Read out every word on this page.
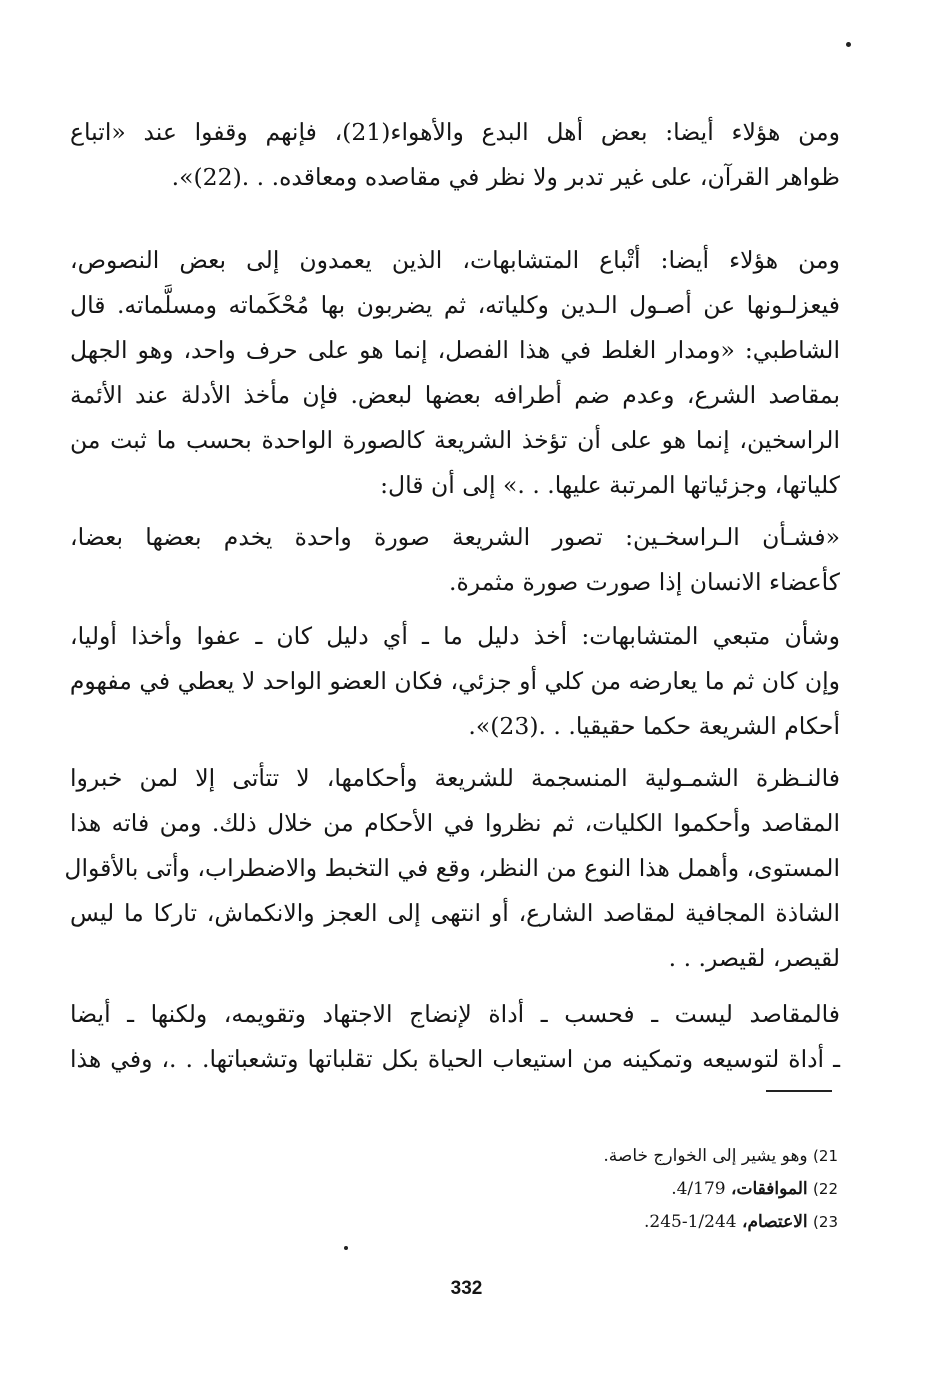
ومن هؤلاء أيضا: بعض أهل البدع والأهواء(21)، فإنهم وقفوا عند «اتباع
ظواهر القرآن، على غير تدبر ولا نظر في مقاصده ومعاقده. . .(22)».
ومن هؤلاء أيضا: أتْباع المتشابهات، الذين يعمدون إلى بعض النصوص،
فيعزلـونها عن أصـول الـدين وكلياته، ثم يضربون بها مُحْكَماته ومسلَّماته. قال
الشاطبي: «ومدار الغلط في هذا الفصل، إنما هو على حرف واحد، وهو الجهل
بمقاصد الشرع، وعدم ضم أطرافه بعضها لبعض. فإن مأخذ الأدلة عند الأئمة
الراسخين، إنما هو على أن تؤخذ الشريعة كالصورة الواحدة بحسب ما ثبت من
كلياتها، وجزئياتها المرتبة عليها. . .» إلى أن قال:
«فشـأن الـراسخـين: تصور الشريعة صورة واحدة يخدم بعضها بعضا،
كأعضاء الانسان إذا صورت صورة مثمرة.
وشأن متبعي المتشابهات: أخذ دليل ما ـ أي دليل كان ـ عفوا وأخذا أوليا،
وإن كان ثم ما يعارضه من كلي أو جزئي، فكان العضو الواحد لا يعطي في مفهوم
أحكام الشريعة حكما حقيقيا. . .(23)».
فالنـظرة الشمـولية المنسجمة للشريعة وأحكامها، لا تتأتى إلا لمن خبروا
المقاصد وأحكموا الكليات، ثم نظروا في الأحكام من خلال ذلك. ومن فاته هذا
المستوى، وأهمل هذا النوع من النظر، وقع في التخبط والاضطراب، وأتى بالأقوال
الشاذة المجافية لمقاصد الشارع، أو انتهى إلى العجز والانكماش، تاركا ما ليس
لقيصر، لقيصر. . .
فالمقاصد ليست ـ فحسب ـ أداة لإنضاج الاجتهاد وتقويمه، ولكنها ـ أيضا
ـ أداة لتوسيعه وتمكينه من استيعاب الحياة بكل تقلباتها وتشعباتها. . .، وفي هذا
21) وهو يشير إلى الخوارج خاصة.
22) الموافقات، 4/179.
23) الاعتصام، 1/244-245.
332
